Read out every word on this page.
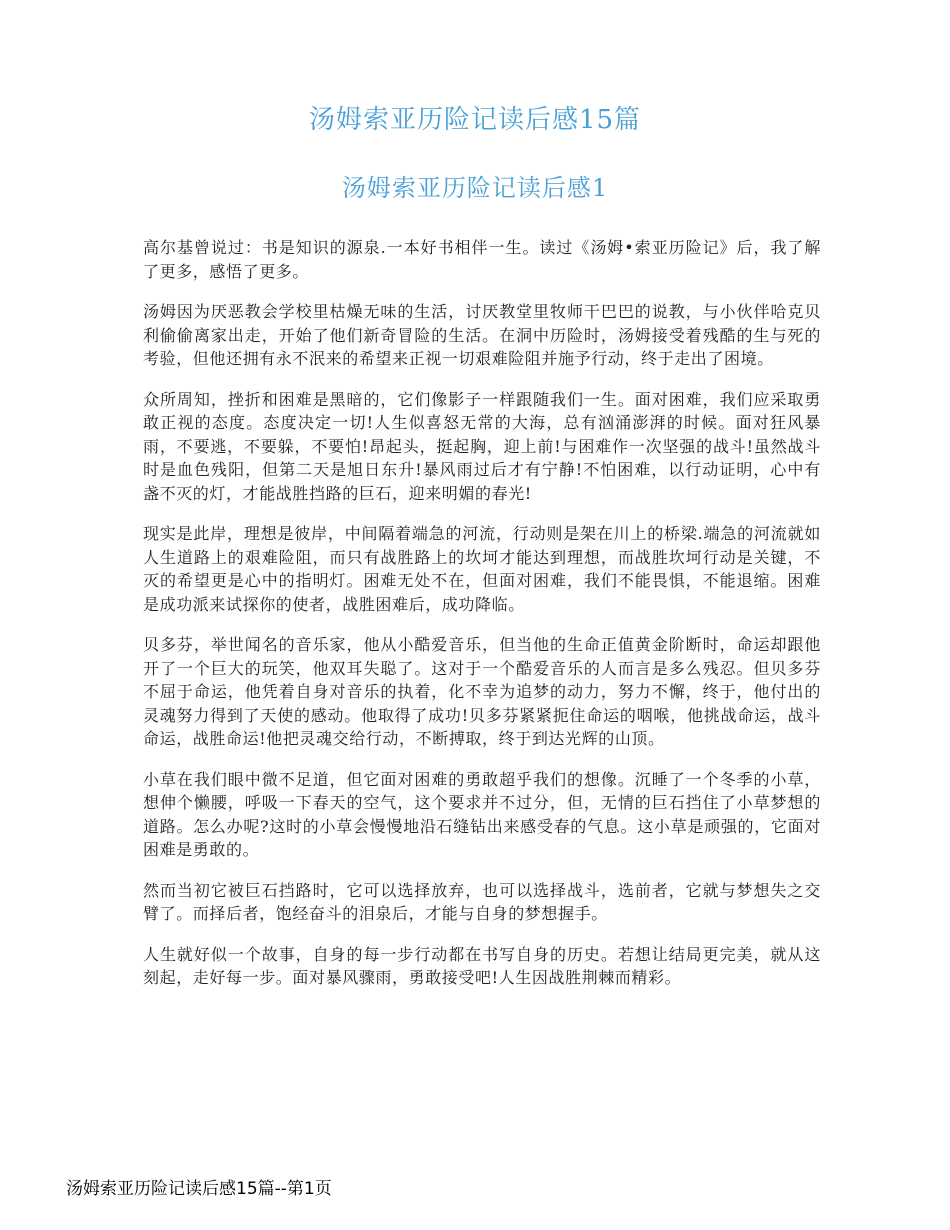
汤姆索亚历险记读后感15篇
汤姆索亚历险记读后感1

高尔基曾说过：书是知识的源泉.一本好书相伴一生。读过《汤姆•索亚历险记》后，我了解了更多，感悟了更多。

汤姆因为厌恶教会学校里枯燥无味的生活，讨厌教堂里牧师干巴巴的说教，与小伙伴哈克贝利偷偷离家出走，开始了他们新奇冒险的生活。在洞中历险时，汤姆接受着残酷的生与死的考验，但他还拥有永不泯来的希望来正视一切艰难险阻并施予行动，终于走出了困境。

众所周知，挫折和困难是黑暗的，它们像影子一样跟随我们一生。面对困难，我们应采取勇敢正视的态度。态度决定一切!人生似喜怒无常的大海，总有汹涌澎湃的时候。面对狂风暴雨，不要逃，不要躲，不要怕!昂起头，挺起胸，迎上前!与困难作一次坚强的战斗!虽然战斗时是血色残阳，但第二天是旭日东升!暴风雨过后才有宁静!不怕困难，以行动证明，心中有盏不灭的灯，才能战胜挡路的巨石，迎来明媚的春光!

现实是此岸，理想是彼岸，中间隔着端急的河流，行动则是架在川上的桥梁.端急的河流就如人生道路上的艰难险阻，而只有战胜路上的坎坷才能达到理想，而战胜坎坷行动是关键，不灭的希望更是心中的指明灯。困难无处不在，但面对困难，我们不能畏惧，不能退缩。困难是成功派来试探你的使者，战胜困难后，成功降临。

贝多芬，举世闻名的音乐家，他从小酷爱音乐，但当他的生命正值黄金阶断时，命运却跟他开了一个巨大的玩笑，他双耳失聪了。这对于一个酷爱音乐的人而言是多么残忍。但贝多芬不屈于命运，他凭着自身对音乐的执着，化不幸为追梦的动力，努力不懈，终于，他付出的灵魂努力得到了天使的感动。他取得了成功!贝多芬紧紧扼住命运的咽喉，他挑战命运，战斗命运，战胜命运!他把灵魂交给行动，不断搏取，终于到达光辉的山顶。

小草在我们眼中微不足道，但它面对困难的勇敢超乎我们的想像。沉睡了一个冬季的小草，想伸个懒腰，呼吸一下春天的空气，这个要求并不过分，但，无情的巨石挡住了小草梦想的道路。怎么办呢?这时的小草会慢慢地沿石缝钻出来感受春的气息。这小草是顽强的，它面对困难是勇敢的。

然而当初它被巨石挡路时，它可以选择放弃，也可以选择战斗，选前者，它就与梦想失之交臂了。而择后者，饱经奋斗的泪泉后，才能与自身的梦想握手。

人生就好似一个故事，自身的每一步行动都在书写自身的历史。若想让结局更完美，就从这刻起，走好每一步。面对暴风骤雨，勇敢接受吧!人生因战胜荆棘而精彩。

汤姆索亚历险记读后感15篇--第1页
